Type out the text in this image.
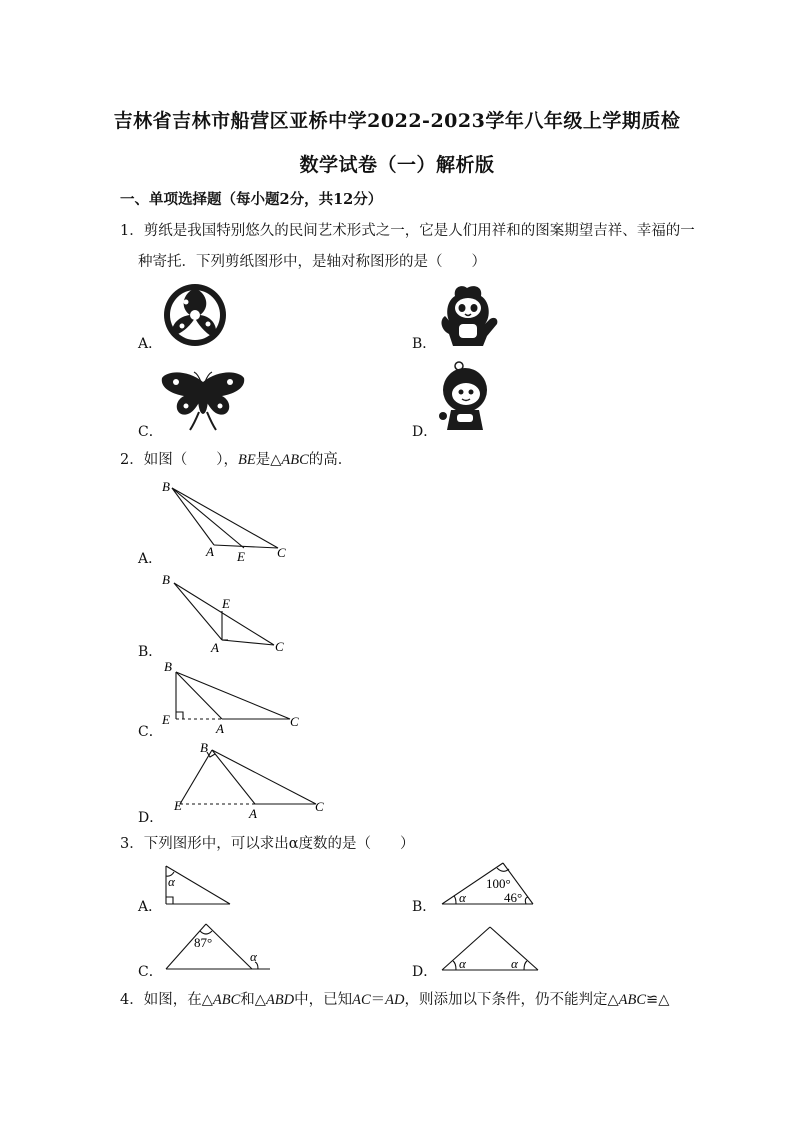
吉林省吉林市船营区亚桥中学2022-2023学年八年级上学期质检
数学试卷（一）解析版
一、单项选择题（每小题2分，共12分）
1．剪纸是我国特别悠久的民间艺术形式之一，它是人们用祥和的图案期望吉祥、幸福的一
种寄托．下列剪纸图形中，是轴对称图形的是（　　）
A．	B．
C．	D．
2．如图（　　），BE是△ABC的高．
A．
B
A E C
B．
B
E
A	C
C．
B
E
A	C
D．
B
E
A	C
3．下列图形中，可以求出α度数的是（　　）
A．
α
B．
α
100°
46°
C．
87°
α
D．
α	α
4．如图，在△ABC和△ABD中，已知AC＝AD，则添加以下条件，仍不能判定△ABC≌△
